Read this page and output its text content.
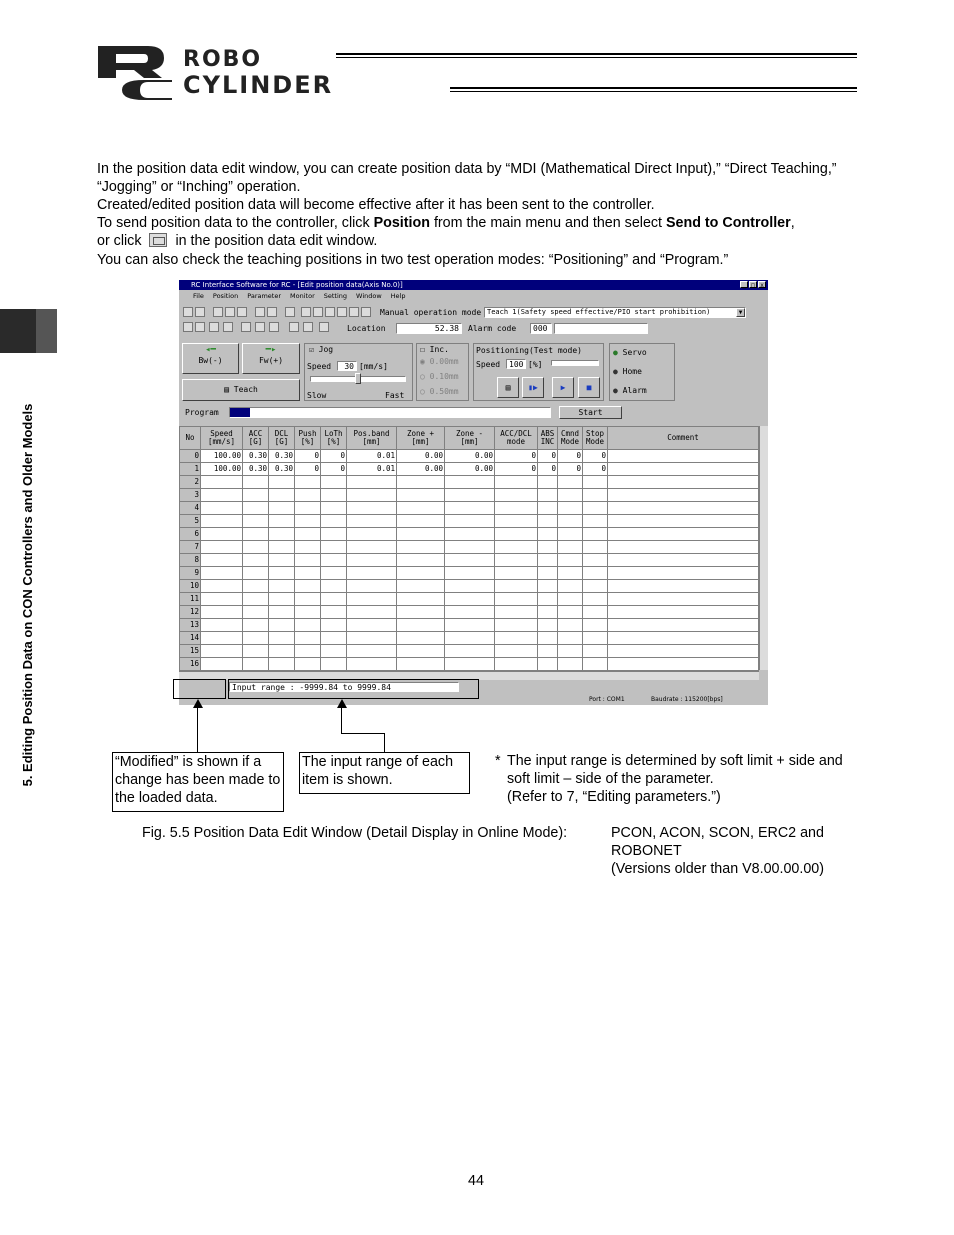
ROBO
CYLINDER
5. Editing Position Data on CON Controllers and Older Models
In the position data edit window, you can create position data by “MDI (Mathematical Direct Input),” “Direct Teaching,” “Jogging” or “Inching” operation.
Created/edited position data will become effective after it has been sent to the controller.
To send position data to the controller, click Position from the main menu and then select Send to Controller,
or click in the position data edit window.
You can also check the teaching positions in two test operation modes: “Positioning” and “Program.”
RC Interface Software for RC - [Edit position data(Axis No.0)]	_ □ x
File Position Parameter Monitor Setting Window Help
Manual operation mode Teach 1(Safety speed effective/PIO start prohibition)	▼
Location	52.38	Alarm code	000
◂━
Bw(-)
━▸
Fw(+)
▤ Teach
☑ Jog
Speed	30 [mm/s]
Slow	Fast
☐ Inc.
◉ 0.00mm
○ 0.10mm
○ 0.50mm
Positioning(Test mode)
Speed	100 [%]
▤	▮▶	▶	■
● Servo
● Home
● Alarm
Program	Start
No	Speed [mm/s]	ACC [G]	DCL [G]	Push [%]	LoTh [%]	Pos.band [mm]	Zone + [mm]	Zone - [mm]	ACC/DCL mode	ABS INC	Cmnd Mode	Stop Mode	Comment
0	100.00	0.30	0.30	0	0	0.01	0.00	0.00	0	0	0	0	
1	100.00	0.30	0.30	0	0	0.01	0.00	0.00	0	0	0	0	
2													
3													
4													
5													
6													
7													
8													
9													
10													
11													
12													
13													
14													
15													
16													
Input range : -9999.84 to 9999.84
Port : COM1	Baudrate : 115200[bps]
“Modified” is shown if a change has been made to the loaded data.
The input range of each item is shown.
* The input range is determined by soft limit + side and
soft limit – side of the parameter.
(Refer to 7, “Editing parameters.”)
Fig. 5.5 Position Data Edit Window (Detail Display in Online Mode):	PCON, ACON, SCON, ERC2 and
ROBONET
(Versions older than V8.00.00.00)
44
